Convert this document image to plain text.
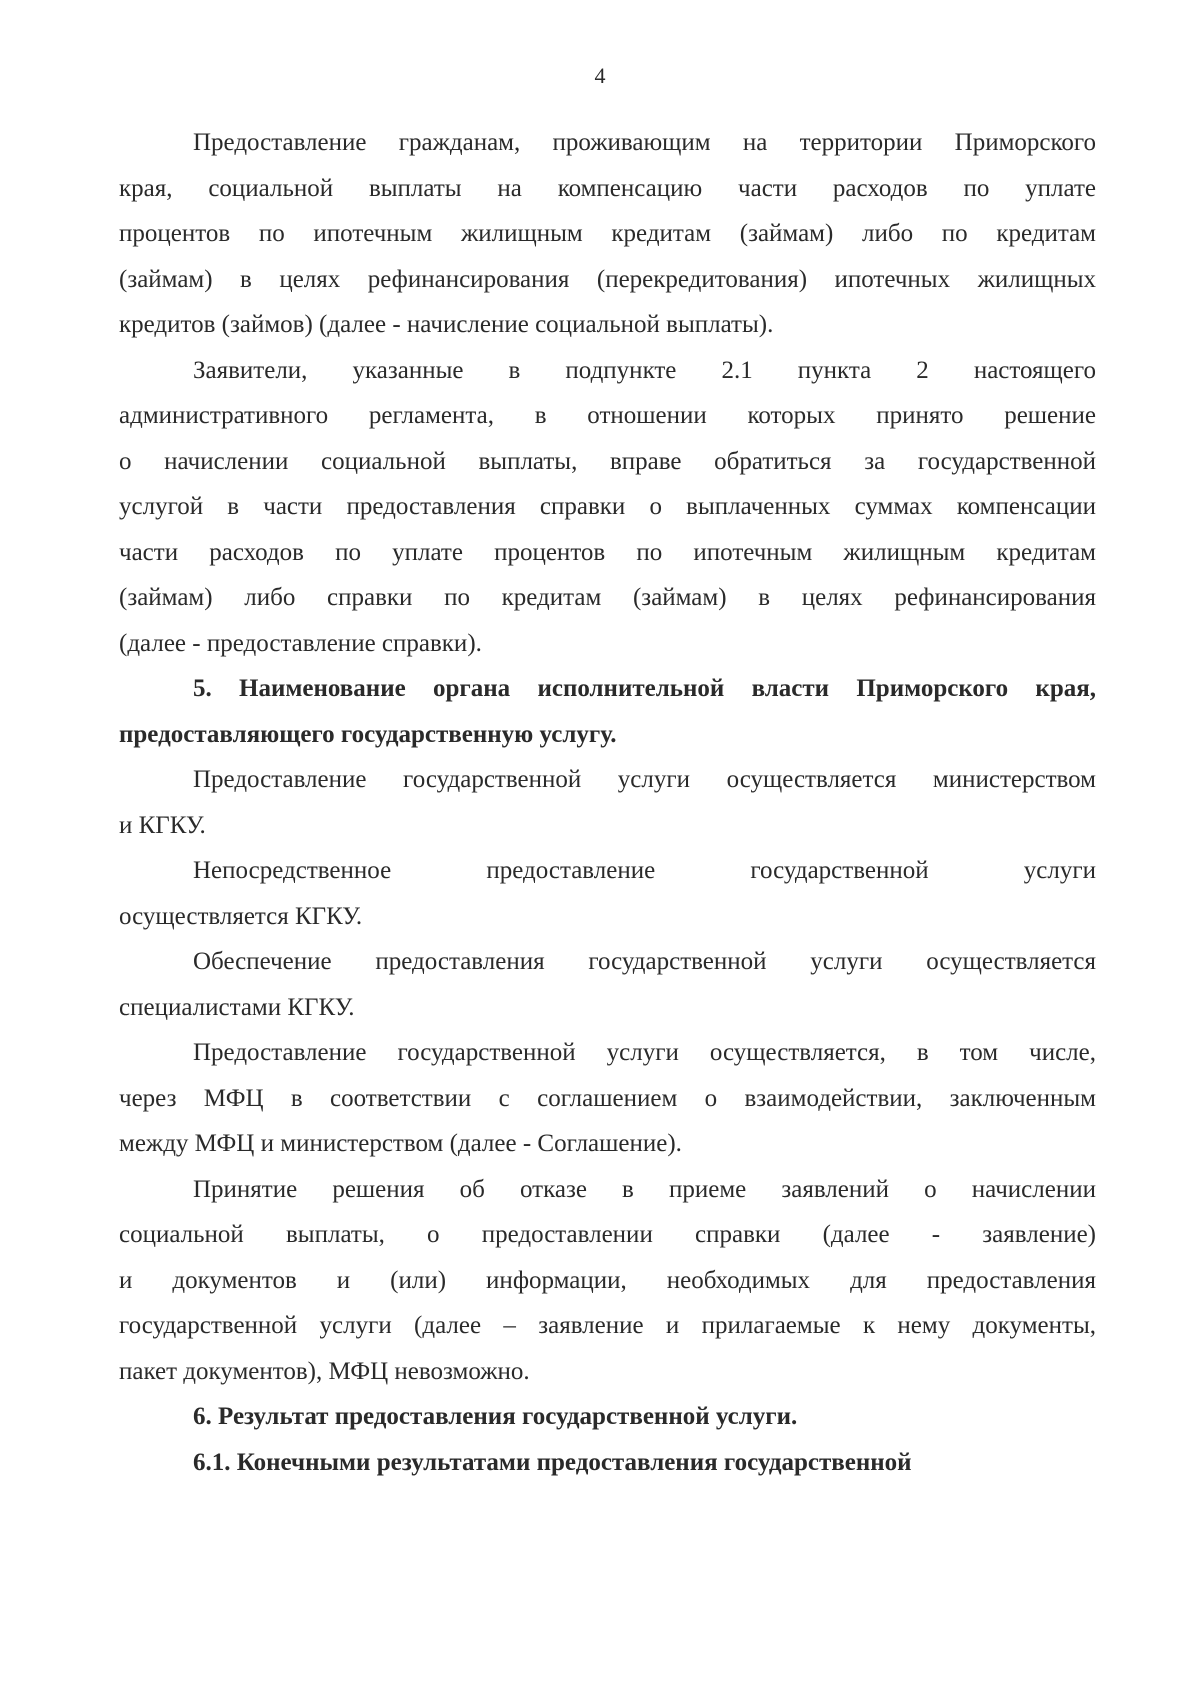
4
Предоставление гражданам, проживающим на территории Приморского
края, социальной выплаты на компенсацию части расходов по уплате
процентов по ипотечным жилищным кредитам (займам) либо по кредитам
(займам) в целях рефинансирования (перекредитования) ипотечных жилищных
кредитов (займов) (далее - начисление социальной выплаты).
Заявители, указанные в подпункте 2.1 пункта 2 настоящего
административного регламента, в отношении которых принято решение
о начислении социальной выплаты, вправе обратиться за государственной
услугой в части предоставления справки о выплаченных суммах компенсации
части расходов по уплате процентов по ипотечным жилищным кредитам
(займам) либо справки по кредитам (займам) в целях рефинансирования
(далее - предоставление справки).
5. Наименование органа исполнительной власти Приморского края,
предоставляющего государственную услугу.
Предоставление государственной услуги осуществляется министерством
и КГКУ.
Непосредственное предоставление государственной услуги
осуществляется КГКУ.
Обеспечение предоставления государственной услуги осуществляется
специалистами КГКУ.
Предоставление государственной услуги осуществляется, в том числе,
через МФЦ в соответствии с соглашением о взаимодействии, заключенным
между МФЦ и министерством (далее - Соглашение).
Принятие решения об отказе в приеме заявлений о начислении
социальной выплаты, о предоставлении справки (далее - заявление)
и документов и (или) информации, необходимых для предоставления
государственной услуги (далее – заявление и прилагаемые к нему документы,
пакет документов), МФЦ невозможно.
6. Результат предоставления государственной услуги.
6.1. Конечными результатами предоставления государственной
